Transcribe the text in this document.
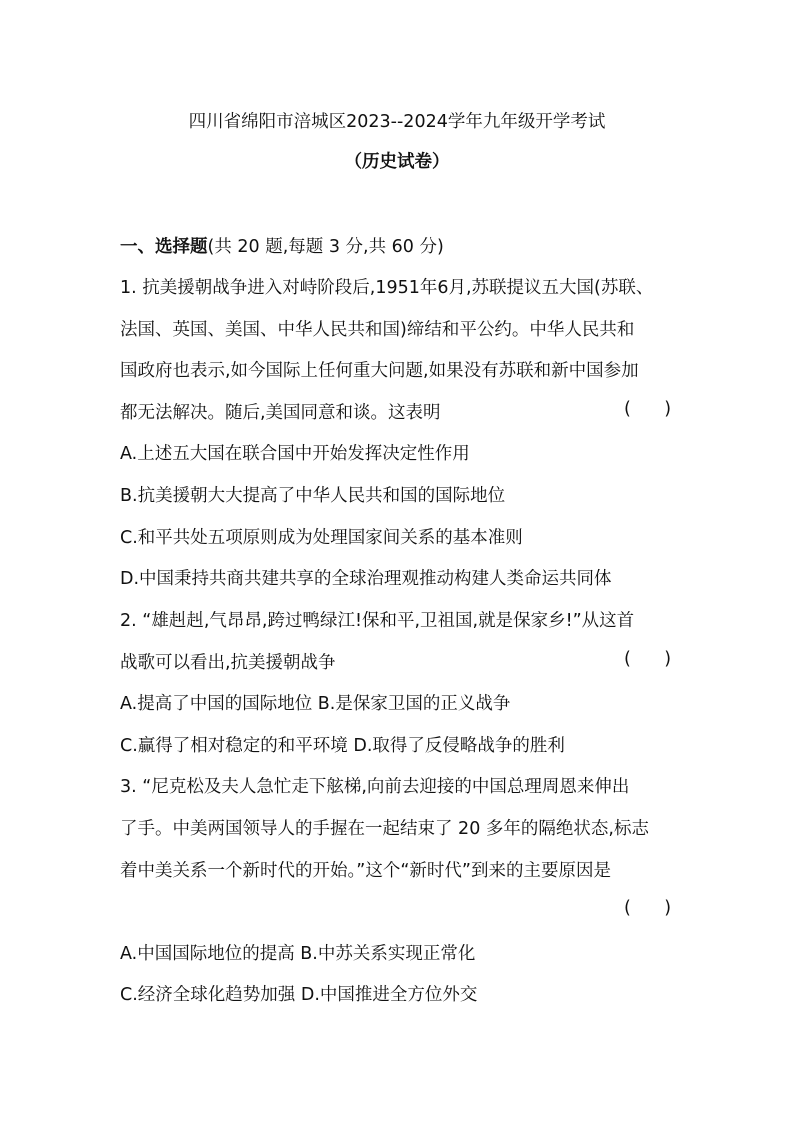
四川省绵阳市涪城区2023--2024学年九年级开学考试
（历史试卷）
一、选择题(共 20 题,每题 3 分,共 60 分)
1. 抗美援朝战争进入对峙阶段后,1951年6月,苏联提议五大国(苏联、
法国、英国、美国、中华人民共和国)缔结和平公约。中华人民共和
国政府也表示,如今国际上任何重大问题,如果没有苏联和新中国参加
都无法解决。随后,美国同意和谈。这表明	(      )
A.上述五大国在联合国中开始发挥决定性作用
B.抗美援朝大大提高了中华人民共和国的国际地位
C.和平共处五项原则成为处理国家间关系的基本准则
D.中国秉持共商共建共享的全球治理观推动构建人类命运共同体
2. “雄赳赳,气昂昂,跨过鸭绿江!保和平,卫祖国,就是保家乡!”从这首
战歌可以看出,抗美援朝战争	(      )
A.提高了中国的国际地位 B.是保家卫国的正义战争
C.赢得了相对稳定的和平环境 D.取得了反侵略战争的胜利
3. “尼克松及夫人急忙走下舷梯,向前去迎接的中国总理周恩来伸出
了手。中美两国领导人的手握在一起结束了 20 多年的隔绝状态,标志
着中美关系一个新时代的开始。”这个“新时代”到来的主要原因是
(      )
A.中国国际地位的提高 B.中苏关系实现正常化
C.经济全球化趋势加强 D.中国推进全方位外交
